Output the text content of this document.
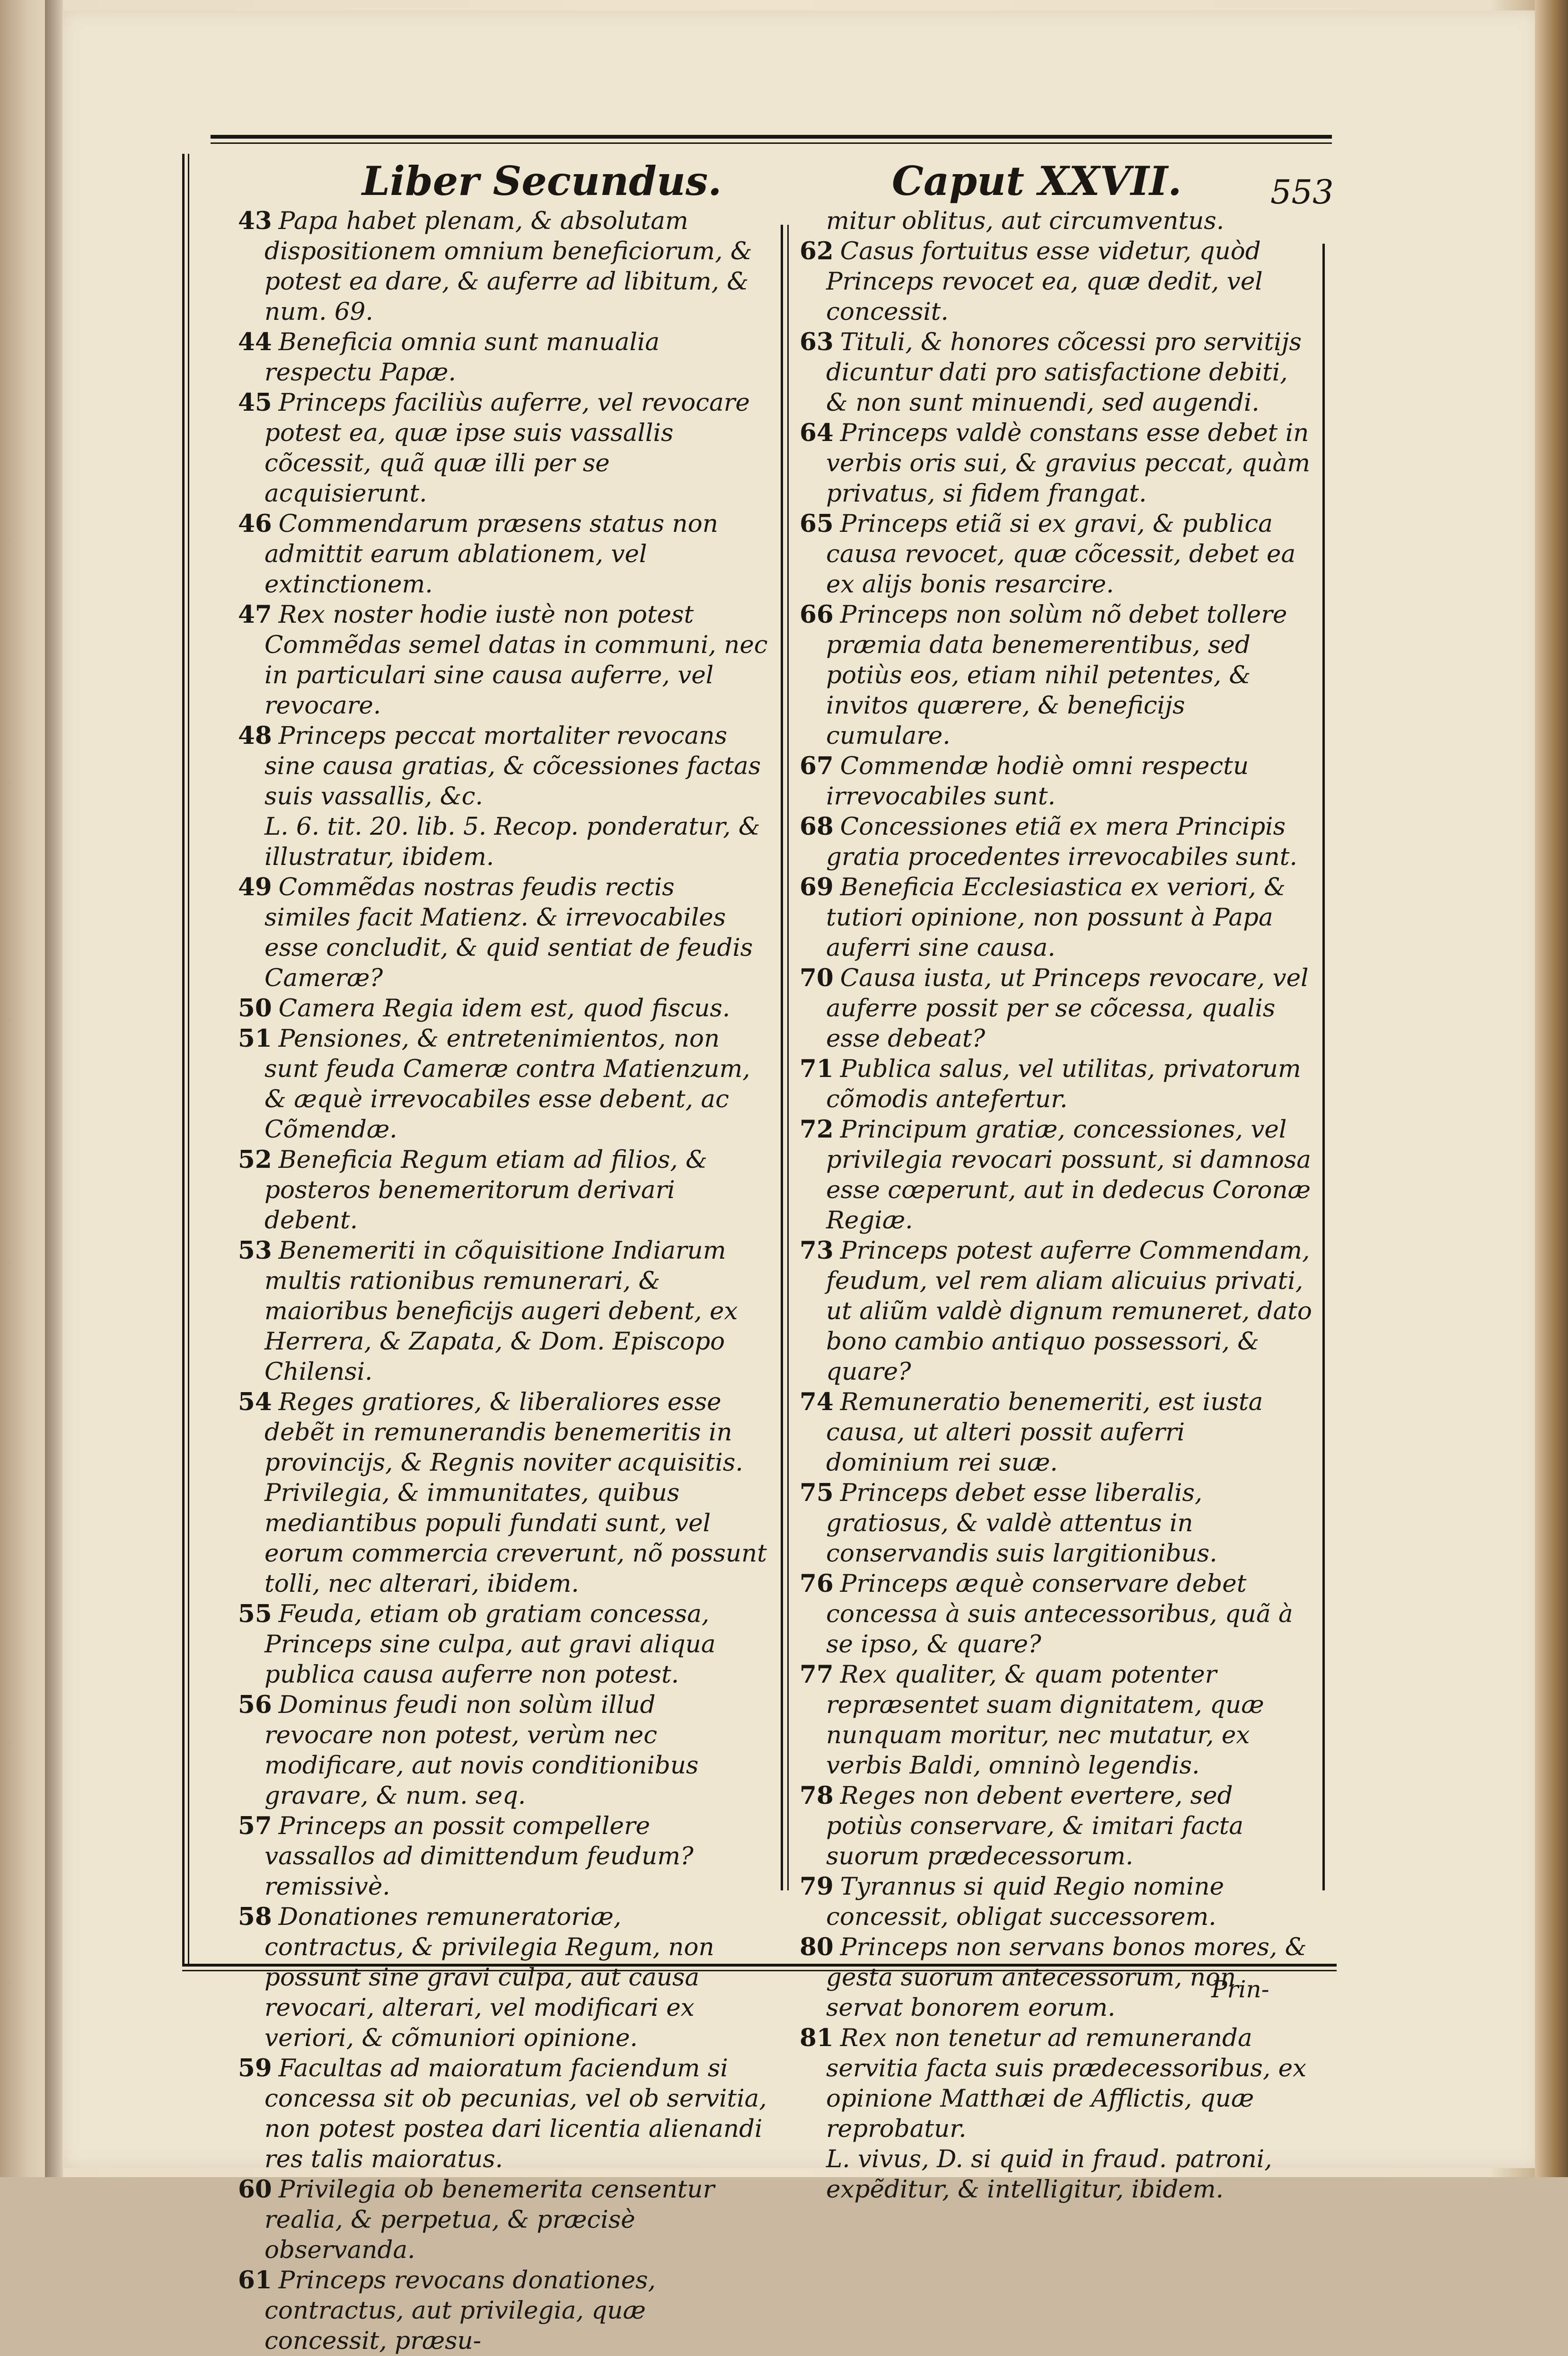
Liber Secundus.	Caput XXVII.	553

43 Papa habet plenam, & absolutam dispositionem omnium beneficiorum, & potest ea dare, & auferre ad libitum, & num. 69.

44 Beneficia omnia sunt manualia respectu Papæ.

45 Princeps faciliùs auferre, vel revocare potest ea, quæ ipse suis vassallis cõcessit, quã quæ illi per se acquisierunt.

46 Commendarum præsens status non admittit earum ablationem, vel extinctionem.

47 Rex noster hodie iustè non potest Commẽdas semel datas in communi, nec in particulari sine causa auferre, vel revocare.

48 Princeps peccat mortaliter revocans sine causa gratias, & cõcessiones factas suis vassallis, &c.

L. 6. tit. 20. lib. 5. Recop. ponderatur, & illustratur, ibidem.

49 Commẽdas nostras feudis rectis similes facit Matienz. & irrevocabiles esse concludit, & quid sentiat de feudis Cameræ?

50 Camera Regia idem est, quod fiscus.

51 Pensiones, & entretenimientos, non sunt feuda Cameræ contra Matienzum, & æquè irrevocabiles esse debent, ac Cõmendæ.

52 Beneficia Regum etiam ad filios, & posteros benemeritorum derivari debent.

53 Benemeriti in cõquisitione Indiarum multis rationibus remunerari, & maioribus beneficijs augeri debent, ex Herrera, & Zapata, & Dom. Episcopo Chilensi.

54 Reges gratiores, & liberaliores esse debẽt in remunerandis benemeritis in provincijs, & Regnis noviter acquisitis.

Privilegia, & immunitates, quibus mediantibus populi fundati sunt, vel eorum commercia creverunt, nõ possunt tolli, nec alterari, ibidem.

55 Feuda, etiam ob gratiam concessa, Princeps sine culpa, aut gravi aliqua publica causa auferre non potest.

56 Dominus feudi non solùm illud revocare non potest, verùm nec modificare, aut novis conditionibus gravare, & num. seq.

57 Princeps an possit compellere vassallos ad dimittendum feudum? remissivè.

58 Donationes remuneratoriæ, contractus, & privilegia Regum, non possunt sine gravi culpa, aut causa revocari, alterari, vel modificari ex veriori, & cõmuniori opinione.

59 Facultas ad maioratum faciendum si concessa sit ob pecunias, vel ob servitia, non potest postea dari licentia alienandi res talis maioratus.

60 Privilegia ob benemerita censentur realia, & perpetua, & præcisè observanda.

61 Princeps revocans donationes, contractus, aut privilegia, quæ concessit, præsu-

mitur oblitus, aut circumventus.

62 Casus fortuitus esse videtur, quòd Princeps revocet ea, quæ dedit, vel concessit.

63 Tituli, & honores cõcessi pro servitijs dicuntur dati pro satisfactione debiti, & non sunt minuendi, sed augendi.

64 Princeps valdè constans esse debet in verbis oris sui, & gravius peccat, quàm privatus, si fidem frangat.

65 Princeps etiã si ex gravi, & publica causa revocet, quæ cõcessit, debet ea ex alijs bonis resarcire.

66 Princeps non solùm nõ debet tollere præmia data benemerentibus, sed potiùs eos, etiam nihil petentes, & invitos quærere, & beneficijs cumulare.

67 Commendæ hodiè omni respectu irrevocabiles sunt.

68 Concessiones etiã ex mera Principis gratia procedentes irrevocabiles sunt.

69 Beneficia Ecclesiastica ex veriori, & tutiori opinione, non possunt à Papa auferri sine causa.

70 Causa iusta, ut Princeps revocare, vel auferre possit per se cõcessa, qualis esse debeat?

71 Publica salus, vel utilitas, privatorum cõmodis antefertur.

72 Principum gratiæ, concessiones, vel privilegia revocari possunt, si damnosa esse cœperunt, aut in dedecus Coronæ Regiæ.

73 Princeps potest auferre Commendam, feudum, vel rem aliam alicuius privati, ut aliũm valdè dignum remuneret, dato bono cambio antiquo possessori, & quare?

74 Remuneratio benemeriti, est iusta causa, ut alteri possit auferri dominium rei suæ.

75 Princeps debet esse liberalis, gratiosus, & valdè attentus in conservandis suis largitionibus.

76 Princeps æquè conservare debet concessa à suis antecessoribus, quã à se ipso, & quare?

77 Rex qualiter, & quam potenter repræsentet suam dignitatem, quæ nunquam moritur, nec mutatur, ex verbis Baldi, omninò legendis.

78 Reges non debent evertere, sed potiùs conservare, & imitari facta suorum prædecessorum.

79 Tyrannus si quid Regio nomine concessit, obligat successorem.

80 Princeps non servans bonos mores, & gesta suorum antecessorum, non servat bonorem eorum.

81 Rex non tenetur ad remuneranda servitia facta suis prædecessoribus, ex opinione Matthæi de Afflictis, quæ reprobatur.

L. vivus, D. si quid in fraud. patroni, expẽditur, & intelligitur, ibidem.

Prin-
